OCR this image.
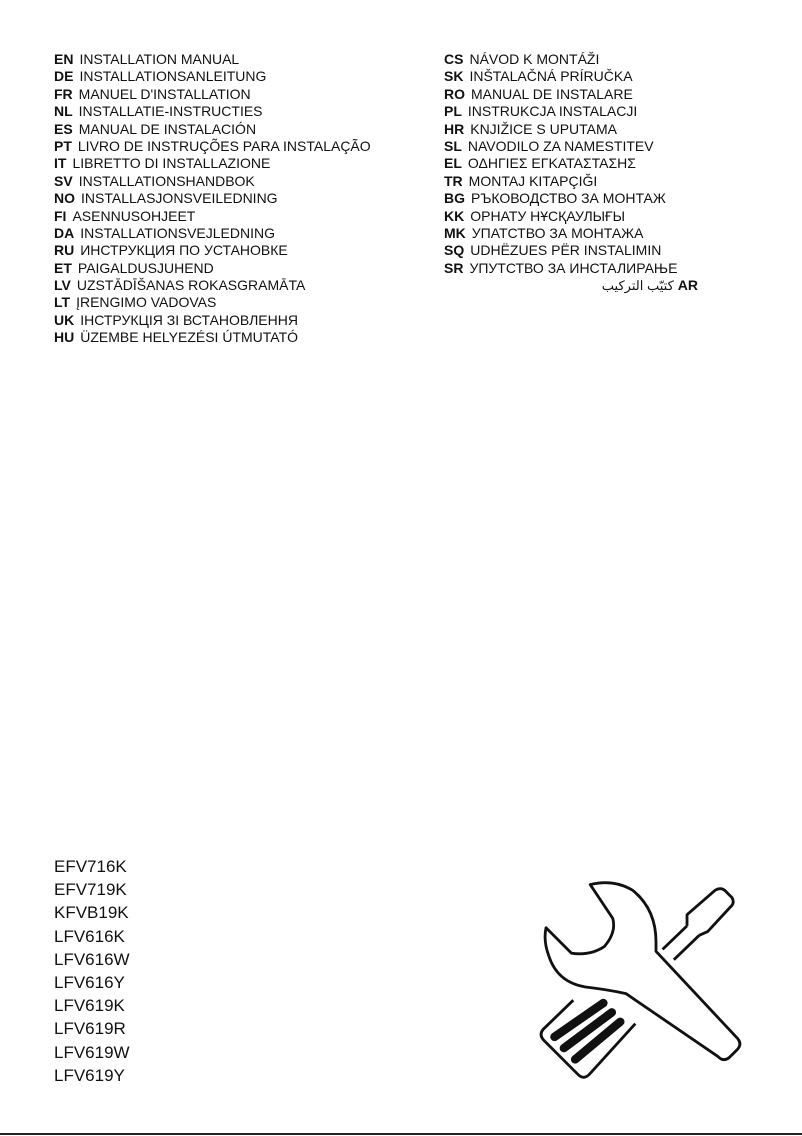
EN INSTALLATION MANUAL
DE INSTALLATIONSANLEITUNG
FR MANUEL D'INSTALLATION
NL INSTALLATIE-INSTRUCTIES
ES MANUAL DE INSTALACIÓN
PT LIVRO DE INSTRUÇÕES PARA INSTALAÇÃO
IT LIBRETTO DI INSTALLAZIONE
SV INSTALLATIONSHANDBOK
NO INSTALLASJONSVEILEDNING
FI ASENNUSOHJEET
DA INSTALLATIONSVEJLEDNING
RU ИНСТРУКЦИЯ ПО УСТАНОВКЕ
ET PAIGALDUSJUHEND
LV UZSTĀDĪŠANAS ROKASGRAMĀTA
LT ĮRENGIMO VADOVAS
UK ІНСТРУКЦІЯ ЗІ ВСТАНОВЛЕННЯ
HU ÜZEMBE HELYEZÉSI ÚTMUTATÓ
CS NÁVOD K MONTÁŽI
SK INŠTALAČNÁ PRÍRUČKA
RO MANUAL DE INSTALARE
PL INSTRUKCJA INSTALACJI
HR KNJIŽICE S UPUTAMA
SL NAVODILO ZA NAMESTITEV
EL ΟΔΗΓΙΕΣ ΕΓΚΑΤΑΣΤΑΣΗΣ
TR MONTAJ KITAPÇIĞI
BG РЪКОВОДСТВО ЗА МОНТАЖ
KK ОРНАТУ НҰСҚАУЛЫҒЫ
MK УПАТСТВО ЗА МОНТАЖА
SQ UDHËZUES PËR INSTALIMIN
SR УПУТСТВО ЗА ИНСТАЛИРАЊЕ
كتيّب التركيب AR
EFV716K
EFV719K
KFVB19K
LFV616K
LFV616W
LFV616Y
LFV619K
LFV619R
LFV619W
LFV619Y
